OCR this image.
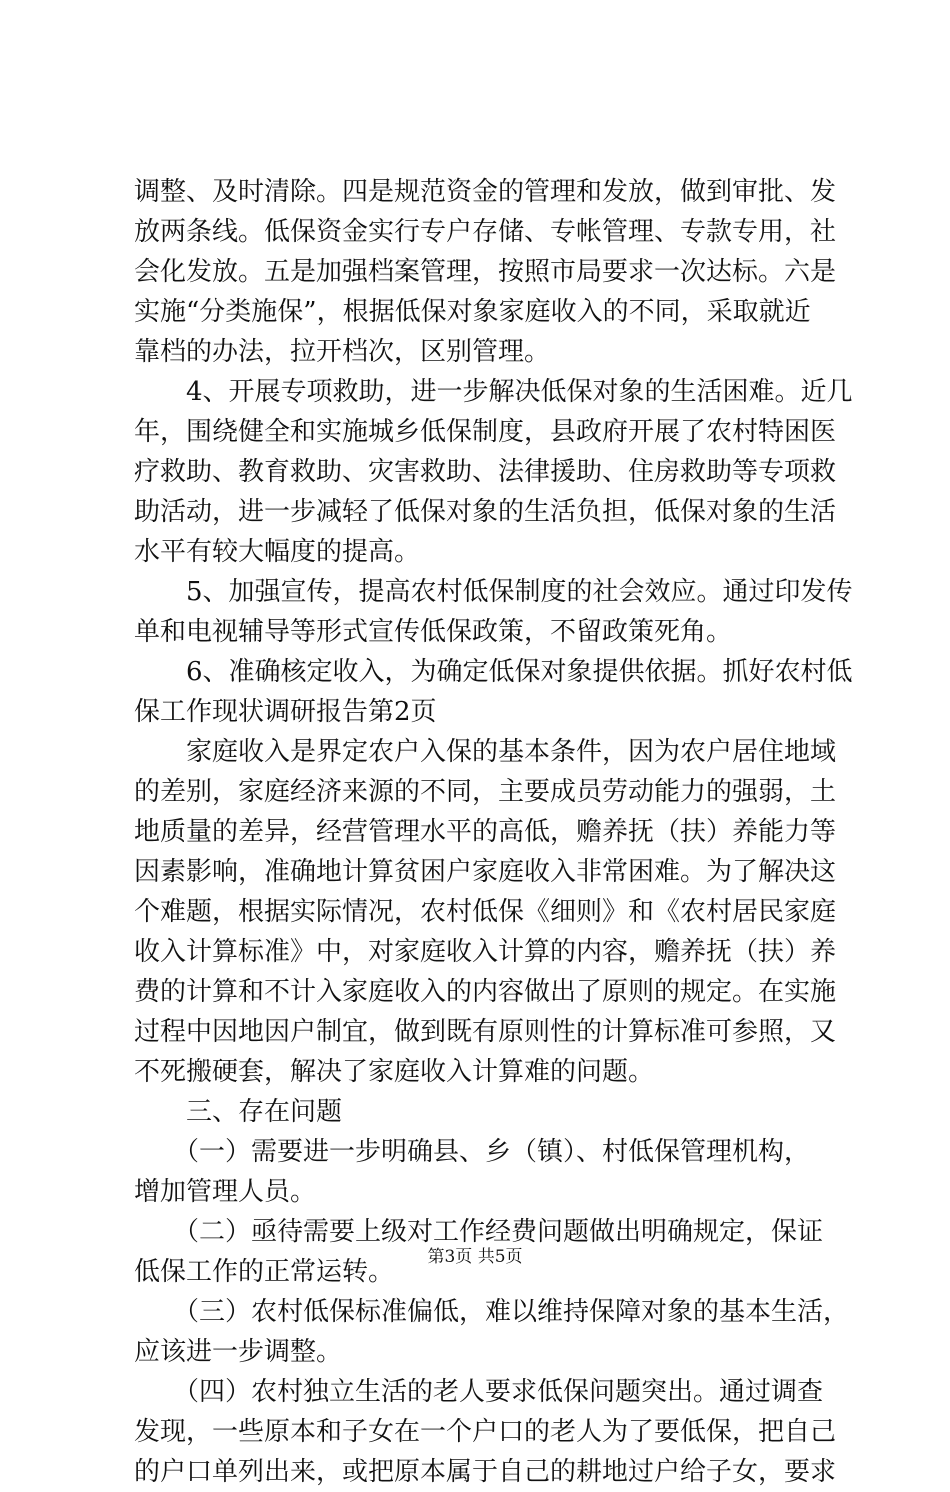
调整、及时清除。四是规范资金的管理和发放，做到审批、发
放两条线。低保资金实行专户存储、专帐管理、专款专用，社
会化发放。五是加强档案管理，按照市局要求一次达标。六是
实施“分类施保”，根据低保对象家庭收入的不同，采取就近
靠档的办法，拉开档次，区别管理。
　　4、开展专项救助，进一步解决低保对象的生活困难。近几
年，围绕健全和实施城乡低保制度，县政府开展了农村特困医
疗救助、教育救助、灾害救助、法律援助、住房救助等专项救
助活动，进一步减轻了低保对象的生活负担，低保对象的生活
水平有较大幅度的提高。
　　5、加强宣传，提高农村低保制度的社会效应。通过印发传
单和电视辅导等形式宣传低保政策，不留政策死角。
　　6、准确核定收入，为确定低保对象提供依据。抓好农村低
保工作现状调研报告第2页
　　家庭收入是界定农户入保的基本条件，因为农户居住地域
的差别，家庭经济来源的不同，主要成员劳动能力的强弱，土
地质量的差异，经营管理水平的高低，赡养抚（扶）养能力等
因素影响，准确地计算贫困户家庭收入非常困难。为了解决这
个难题，根据实际情况，农村低保《细则》和《农村居民家庭
收入计算标准》中，对家庭收入计算的内容，赡养抚（扶）养
费的计算和不计入家庭收入的内容做出了原则的规定。在实施
过程中因地因户制宜，做到既有原则性的计算标准可参照，又
不死搬硬套，解决了家庭收入计算难的问题。
　　三、存在问题
　　（一）需要进一步明确县、乡（镇）、村低保管理机构，
增加管理人员。
　　（二）亟待需要上级对工作经费问题做出明确规定，保证
低保工作的正常运转。
　　（三）农村低保标准偏低，难以维持保障对象的基本生活，
应该进一步调整。
　　（四）农村独立生活的老人要求低保问题突出。通过调查
发现，一些原本和子女在一个户口的老人为了要低保，把自己
的户口单列出来，或把原本属于自己的耕地过户给子女，要求
第3页 共5页
